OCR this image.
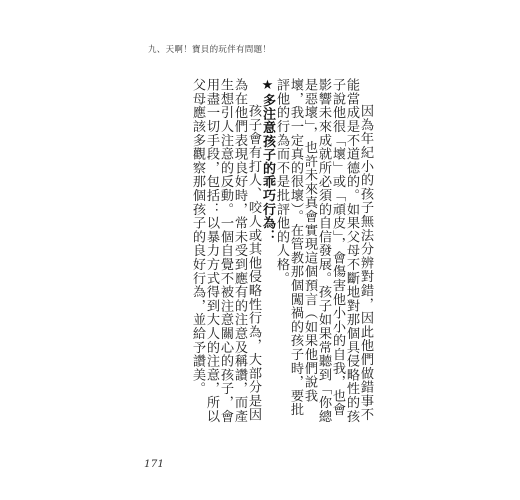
九、天啊！寶貝的玩伴有問題！

因為年紀小的孩子無法分辨對錯，因此他們做錯事不能當成是不道德的。如果父母不斷地對那個具侵略性的孩子說他很「壞」或「頑皮」，會傷害他小小的自我，也會影響未來成就所必須的自信發展。孩子如果常聽到「你總是惡壞」，也許未來真會實現這個預言（如果他們說我壞，我一定真的很壞）。在管教那個闖禍的孩子時，要批評他的行為而不是批評他的人格。

★多注意孩子的乖巧行為：

孩子會有打人、咬人或其他侵略性行為，大部分是因為在他們表現良好時，常未受到應有的注意及稱讚，而產生想引人注意的反動。一個自覺不被注意關心的孩子，會用盡一切手段，包括：以暴力方式得到大人的注意，所以父母應該多觀察那個孩子的良好行為，並給予讚美。

171
